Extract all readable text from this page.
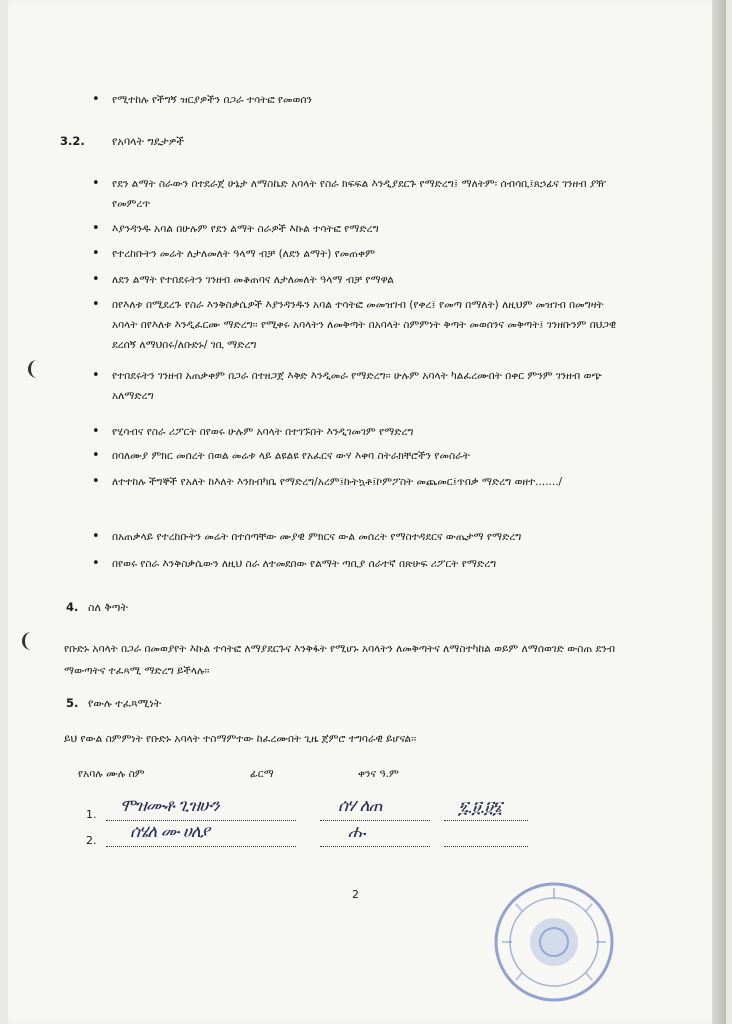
• የሚተከሉ የችግኝ ዝርያዎችን በጋራ ተሳትፎ የመወሰን
3.2. የአባላት ግዴታዎች
• የደን ልማት ስራውን በተደራጀ ሁኔታ ለማስኬድ አባላት የስራ ክፍፍል እንዲያደርጉ የማድረግ፤ ማለትም፡ ሰብሳቢ፤ጸኃፊና ገንዘብ ያዥ የመምረጥ
• እያንዳንዱ አባል በሁሉም የደን ልማት ስራዎች እኩል ተሳትፎ የማድረግ
• የተረከቡትን መሬት ለታለመለት ዓላማ ብቻ (ለደን ልማት) የመጠቀም
• ለደን ልማት የተበደሩትን ገንዘብ መቆጠባና ለታለመለት ዓላማ ብቻ የማዋል
• በየእለቱ በሚደረጉ የስራ እንቅስቃሴዎች እያንዳንዱን አባል ተሳትፎ መመዝገብ (የቀረ፤ የመጣ በማለት) ለዚህም መዝገብ በመግዛት አባላት በየእለቱ እንዲፈርሙ ማድረግ፡፡ የሚቀሩ አባላትን ለመቅጣት በአባላት ስምምነት ቅጣት መወሰንና መቅጣት፤ ገንዘቡንም በህጋዊ ደረሰኝ ለማህበሩ/ለቡድኑ/ ገቢ ማድረግ
• የተበደሩትን ገንዘብ አጠቃቀም በጋራ በተዘጋጀ እቅድ እንዲመራ የማድረግ፡፡ ሁሉም አባላት ካልፈረሙበት በቀር ምንም ገንዘብ ወጭ አለማድረግ
• የሂሳብና የስራ ሪፖርት በየወሩ ሁሉም አባላት በተገኙበት እንዲገመገም የማድረግ
• በባለሙያ ምክር መሰረት በወል መሬቱ ላይ ልዩልዩ የአፈርና ውሃ እቀባ ስትራክቸሮችን የመስራት
• ለተተከሉ ችግኞች የአለት ከእለት እንክብካቤ የማድረግ/አረም፤ኩትኳቶ፤ኮምፖስት መጨመር፤ጥበቃ ማድረግ ወዘተ......./
• በአጠቃላይ የተረከቡትን መሬት በተሰጣቸው ሙያዊ ምክርና ውል መሰረት የማስተዳደርና ውጤታማ የማድረግ
• በየወሩ የስራ እንቅስቃሴውን ለዚህ ስራ ለተመደበው የልማት ጣቢያ ሰራተኛ በጽሁፍ ሪፖርት የማድረግ
4. ስለ ቅጣት
የቡድኑ አባላት በጋራ በመወያየት እኩል ተሳትፎ ለማያደርጉና እንቅፋት የሚሆኑ አባላትን ለመቅጣትና ለማስተካከል ወይም ለማሰወገድ ውስጠ ደንብ ማውጣትና ተፈጻሚ ማድረግ ይችላሉ፡፡
5. የውሉ ተፈጻሚነት
ይህ የውል ስምምነት የቡድኑ አባላት ተስማምተው ከፈረሙበት ጊዜ ጀምሮ ተግባራዊ ይሆናል፡፡
የአባሉ ሙሉ ስም	ፊርማ	ቀንና ዓ.ም
1. ሞዝሙቶ ጊዝሁን	ሰሃ ለጠ	፯.፱.፱፮
2. ሰሄለ ሙ ሀለያ	ሑ
2
